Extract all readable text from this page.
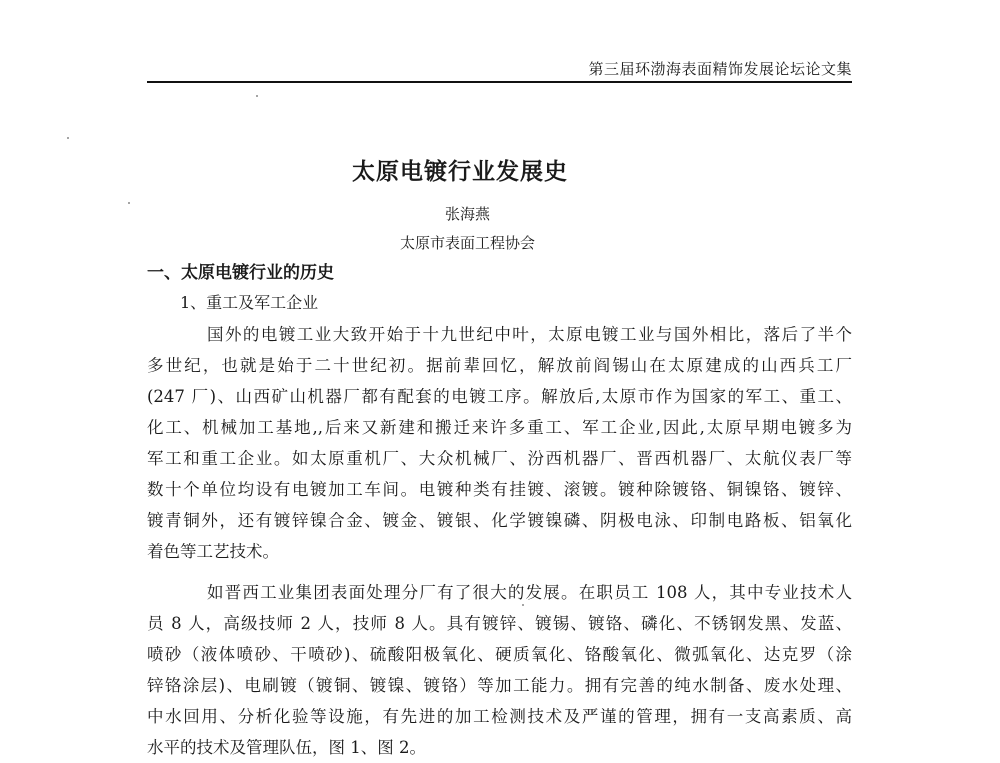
第三届环渤海表面精饰发展论坛论文集
太原电镀行业发展史
张海燕
太原市表面工程协会
一、太原电镀行业的历史
1、重工及军工企业
国外的电镀工业大致开始于十九世纪中叶，太原电镀工业与国外相比，落后了半个
多世纪，也就是始于二十世纪初。据前辈回忆，解放前阎锡山在太原建成的山西兵工厂
(247 厂)、山西矿山机器厂都有配套的电镀工序。解放后,太原市作为国家的军工、重工、
化工、机械加工基地,,后来又新建和搬迁来许多重工、军工企业,因此,太原早期电镀多为
军工和重工企业。如太原重机厂、大众机械厂、汾西机器厂、晋西机器厂、太航仪表厂等
数十个单位均设有电镀加工车间。电镀种类有挂镀、滚镀。镀种除镀铬、铜镍铬、镀锌、
镀青铜外，还有镀锌镍合金、镀金、镀银、化学镀镍磷、阴极电泳、印制电路板、铝氧化
着色等工艺技术。
如晋西工业集团表面处理分厂有了很大的发展。在职员工 108 人，其中专业技术人
员 8 人，高级技师 2 人，技师 8 人。具有镀锌、镀锡、镀铬、磷化、不锈钢发黑、发蓝、
喷砂（液体喷砂、干喷砂)、硫酸阳极氧化、硬质氧化、铬酸氧化、微弧氧化、达克罗（涂
锌铬涂层)、电刷镀（镀铜、镀镍、镀铬）等加工能力。拥有完善的纯水制备、废水处理、
中水回用、分析化验等设施，有先进的加工检测技术及严谨的管理，拥有一支高素质、高
水平的技术及管理队伍，图 1、图 2。
